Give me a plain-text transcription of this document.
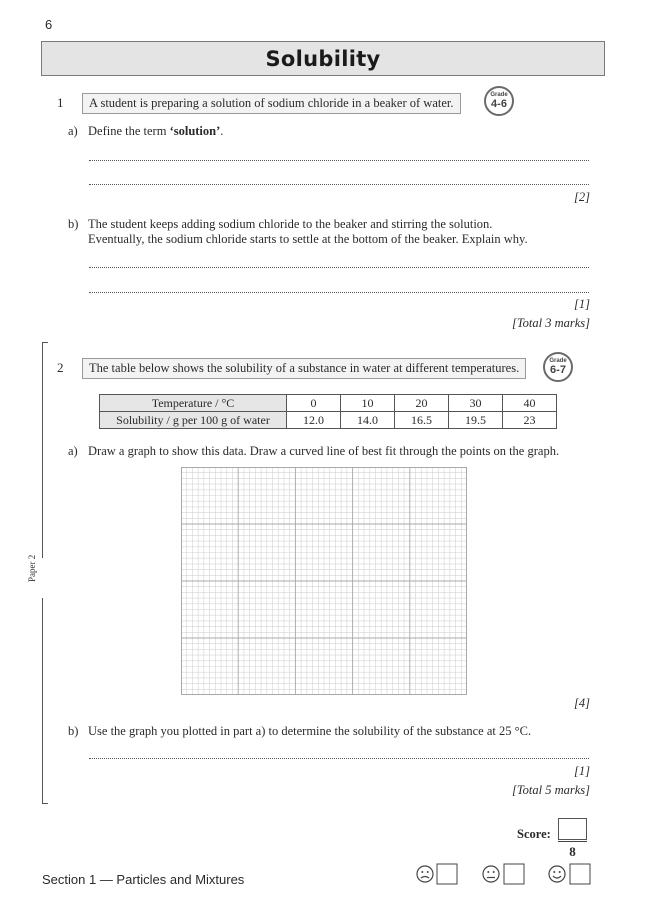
6
Solubility
1	A student is preparing a solution of sodium chloride in a beaker of water.
Grade
4-6
a) Define the term ‘solution’.
[2]
b) The student keeps adding sodium chloride to the beaker and stirring the solution.
Eventually, the sodium chloride starts to settle at the bottom of the beaker. Explain why.
[1]
[Total 3 marks]
Paper 2
2	The table below shows the solubility of a substance in water at different temperatures.	Grade
6-7
Temperature / °C	0	10	20	30	40
Solubility / g per 100 g of water	12.0	14.0	16.5	19.5	23
a) Draw a graph to show this data. Draw a curved line of best fit through the points on the graph.
[4]
b) Use the graph you plotted in part a) to determine the solubility of the substance at 25 °C.
[1]
[Total 5 marks]
Score:
8
Section 1 — Particles and Mixtures
